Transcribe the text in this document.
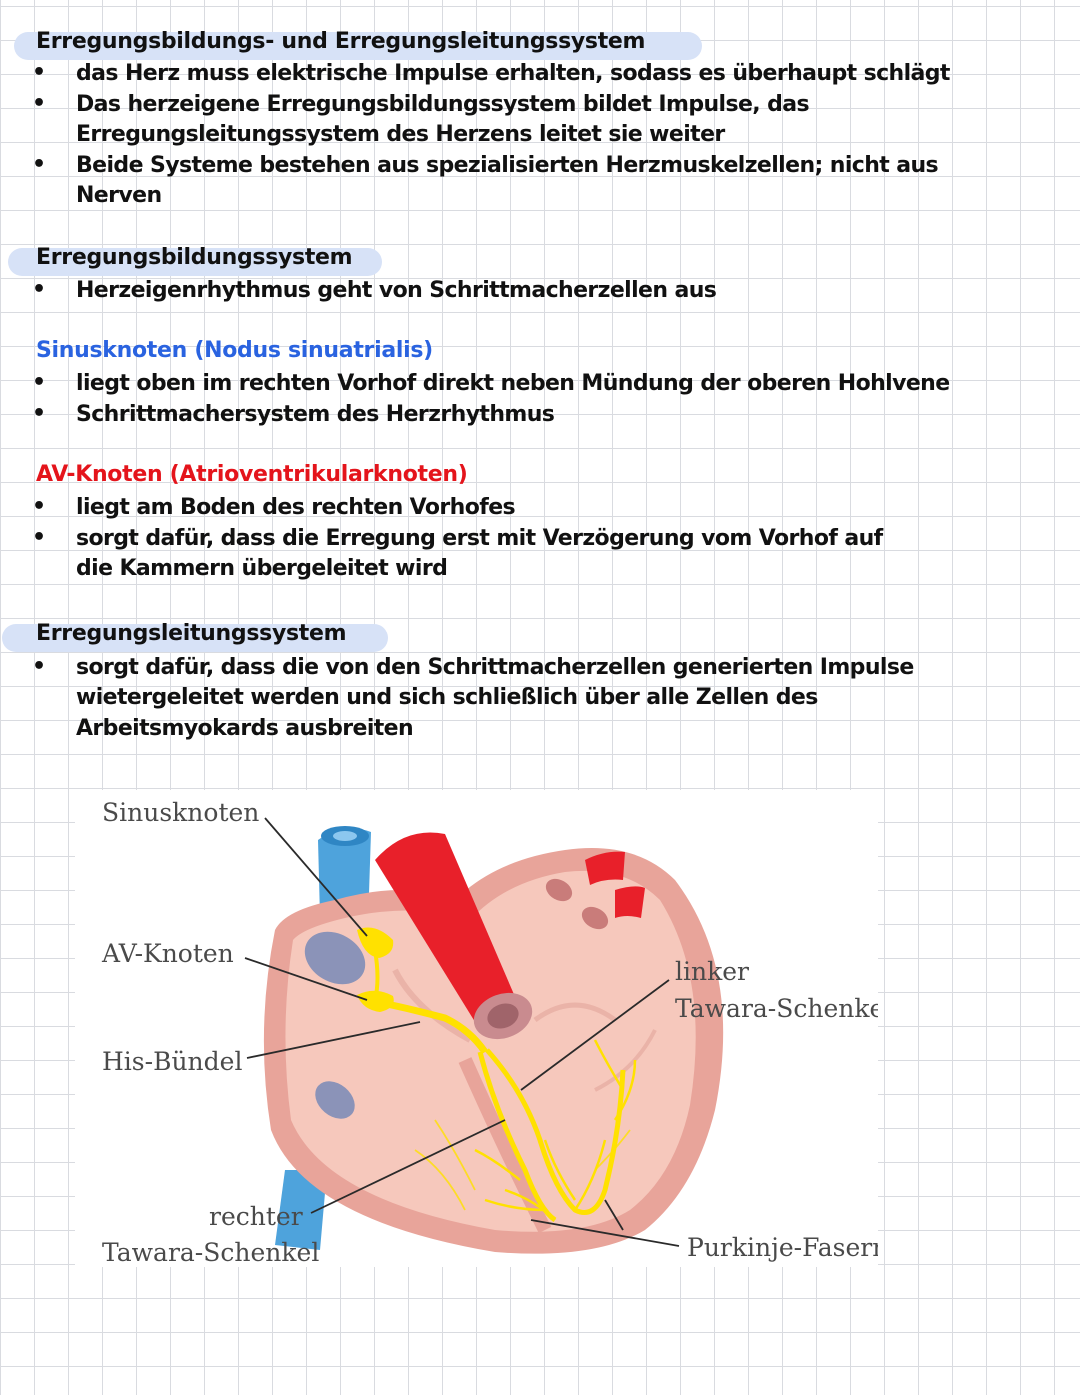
Erregungsbildungs- und Erregungsleitungssystem
• das Herz muss elektrische Impulse erhalten, sodass es überhaupt schlägt
• Das herzeigene Erregungsbildungssystem bildet Impulse, das
Erregungsleitungssystem des Herzens leitet sie weiter
• Beide Systeme bestehen aus spezialisierten Herzmuskelzellen; nicht aus
Nerven
Erregungsbildungssystem
• Herzeigenrhythmus geht von Schrittmacherzellen aus
Sinusknoten (Nodus sinuatrialis)
• liegt oben im rechten Vorhof direkt neben Mündung der oberen Hohlvene
• Schrittmachersystem des Herzrhythmus
AV-Knoten (Atrioventrikularknoten)
• liegt am Boden des rechten Vorhofes
• sorgt dafür, dass die Erregung erst mit Verzögerung vom Vorhof auf
die Kammern übergeleitet wird
Erregungsleitungssystem
• sorgt dafür, dass die von den Schrittmacherzellen generierten Impulse
wietergeleitet werden und sich schließlich über alle Zellen des
Arbeitsmyokards ausbreiten
Sinusknoten
AV-Knoten
His-Bündel
rechter
Tawara-Schenkel
linker
Tawara-Schenkel
Purkinje-Fasern
